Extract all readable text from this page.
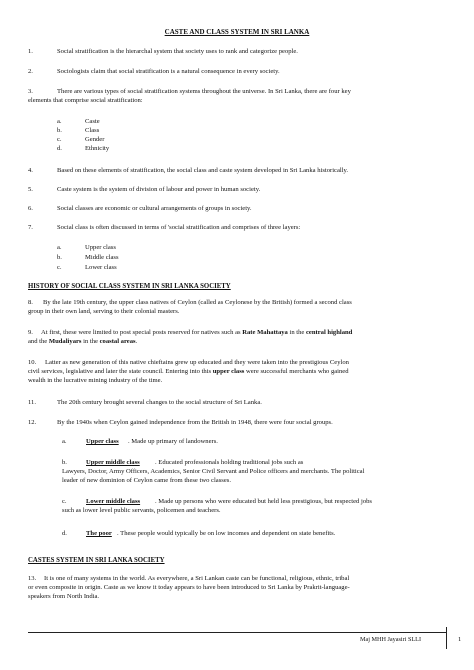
CASTE AND CLASS SYSTEM IN SRI LANKA
1.	Social stratification is the hierarchal system that society uses to rank and categorize people.
2.	Sociologists claim that social stratification is a natural consequence in every society.
3.	There are various types of social stratification systems throughout the universe. In Sri Lanka, there are four key
elements that comprise social stratification:
a.	Caste
b.	Class
c.	Gender
d.	Ethnicity
4.	Based on these elements of stratification, the social class and caste system developed in Sri Lanka historically.
5.	Caste system is the system of division of labour and power in human society.
6.	Social classes are economic or cultural arrangements of groups in society.
7.	Social class is often discussed in terms of 'social stratification and comprises of three layers:
a.	Upper class
b.	Middle class
c.	Lower class
HISTORY OF SOCIAL CLASS SYSTEM IN SRI LANKA SOCIETY
8. By the late 19th century, the upper class natives of Ceylon (called as Ceylonese by the British) formed a second class
group in their own land, serving to their colonial masters.
9. At first, these were limited to post special posts reserved for natives such as Rate Mahattaya in the central highland
and the Mudaliyars in the coastal areas.
10. Latter as new generation of this native chieftains grew up educated and they were taken into the prestigious Ceylon
civil services, legislative and later the state council. Entering into this upper class were successful merchants who gained
wealth in the lucrative mining industry of the time.
11.	The 20th century brought several changes to the social structure of Sri Lanka.
12.	By the 1940s when Ceylon gained independence from the British in 1948, there were four social groups.
a.	Upper class . Made up primary of landowners.
b.	Upper middle class . Educated professionals holding traditional jobs such as
Lawyers, Doctor, Army Officers, Academics, Senior Civil Servant and Police officers and merchants. The political
leader of new dominion of Ceylon came from these two classes.
c.	Lower middle class . Made up persons who were educated but held less prestigious, but respected jobs
such as lower level public servants, policemen and teachers.
d.	The poor . These people would typically be on low incomes and dependent on state benefits.
CASTES SYSTEM IN SRI LANKA SOCIETY
13. It is one of many systems in the world. As everywhere, a Sri Lankan caste can be functional, religious, ethnic, tribal
or even composite in origin. Caste as we know it today appears to have been introduced to Sri Lanka by Prakrit-language-
speakers from North India.
Maj MHH Jayasiri SLLI	1
